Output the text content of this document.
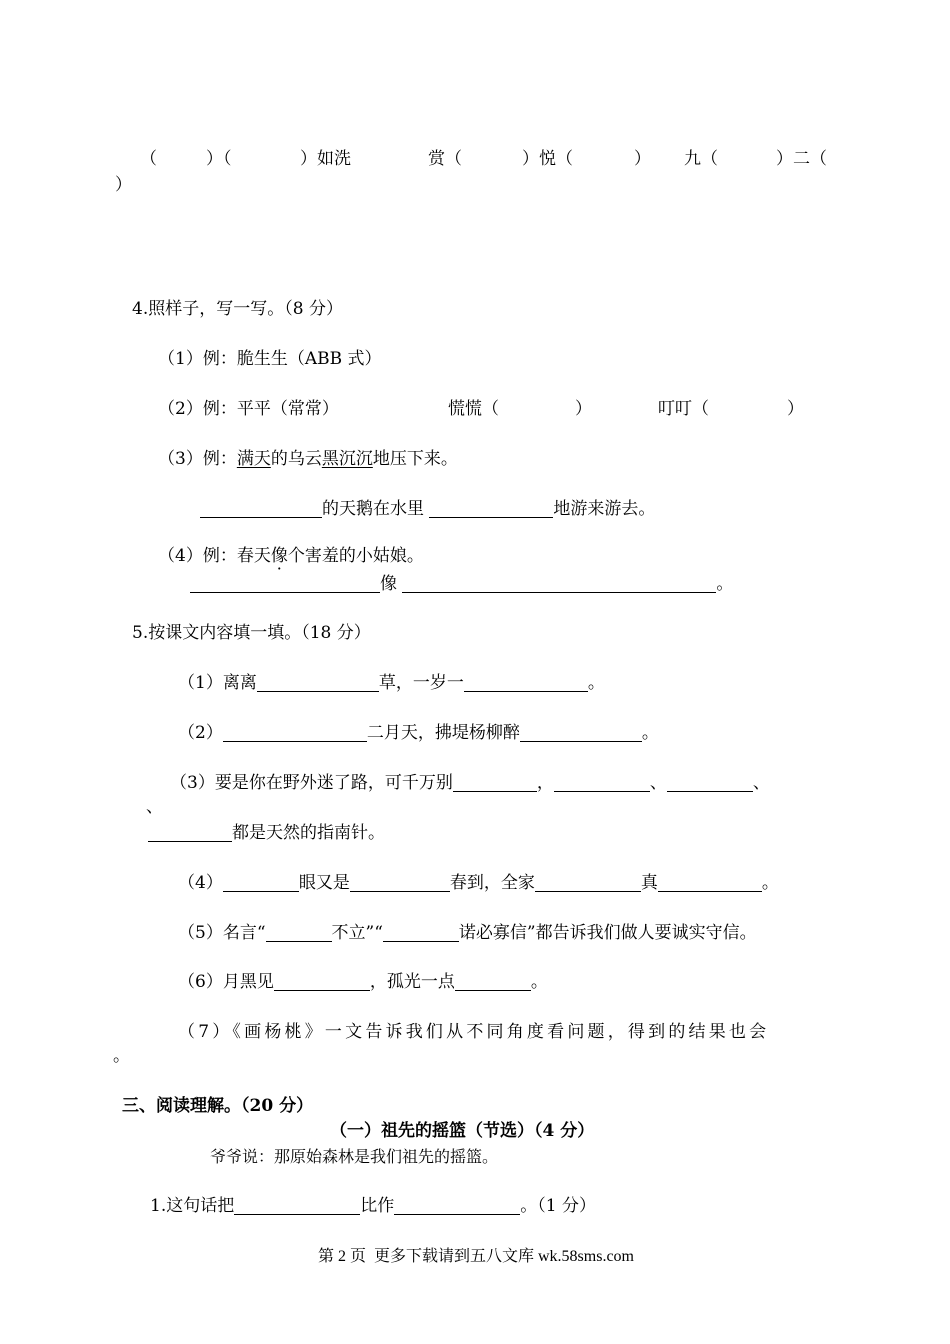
（	）（	）如洗	赏（	）悦（	） 九（	）二（
）
4.照样子，写一写。（8 分）
（1）例：脆生生（ABB 式）
（2）例：平平（常常）	慌慌（	）	叮叮（	）
（3）例：满天的乌云黑沉沉地压下来。
的天鹅在水里	地游来游去。
（4）例：春天像个害羞的小姑娘。
像	。
5.按课文内容填一填。（18 分）
（1）离离	草，一岁一	。
（2）	二月天，拂堤杨柳醉	。
（3）要是你在野外迷了路，可千万别	，	、	、
、
都是天然的指南针。
（4）	眼又是	春到，全家	真	。
（5）名言“	不立”“	诺必寡信”都告诉我们做人要诚实守信。
（6）月黑见	，孤光一点	。
（7）《画杨桃》一文告诉我们从不同角度看问题，得到的结果也会
。
三、阅读理解。（20 分）
（一）祖先的摇篮（节选）（4 分）
爷爷说：那原始森林是我们祖先的摇篮。
1.这句话把	比作	。（1 分）
第 2 页  更多下载请到五八文库 wk.58sms.com
